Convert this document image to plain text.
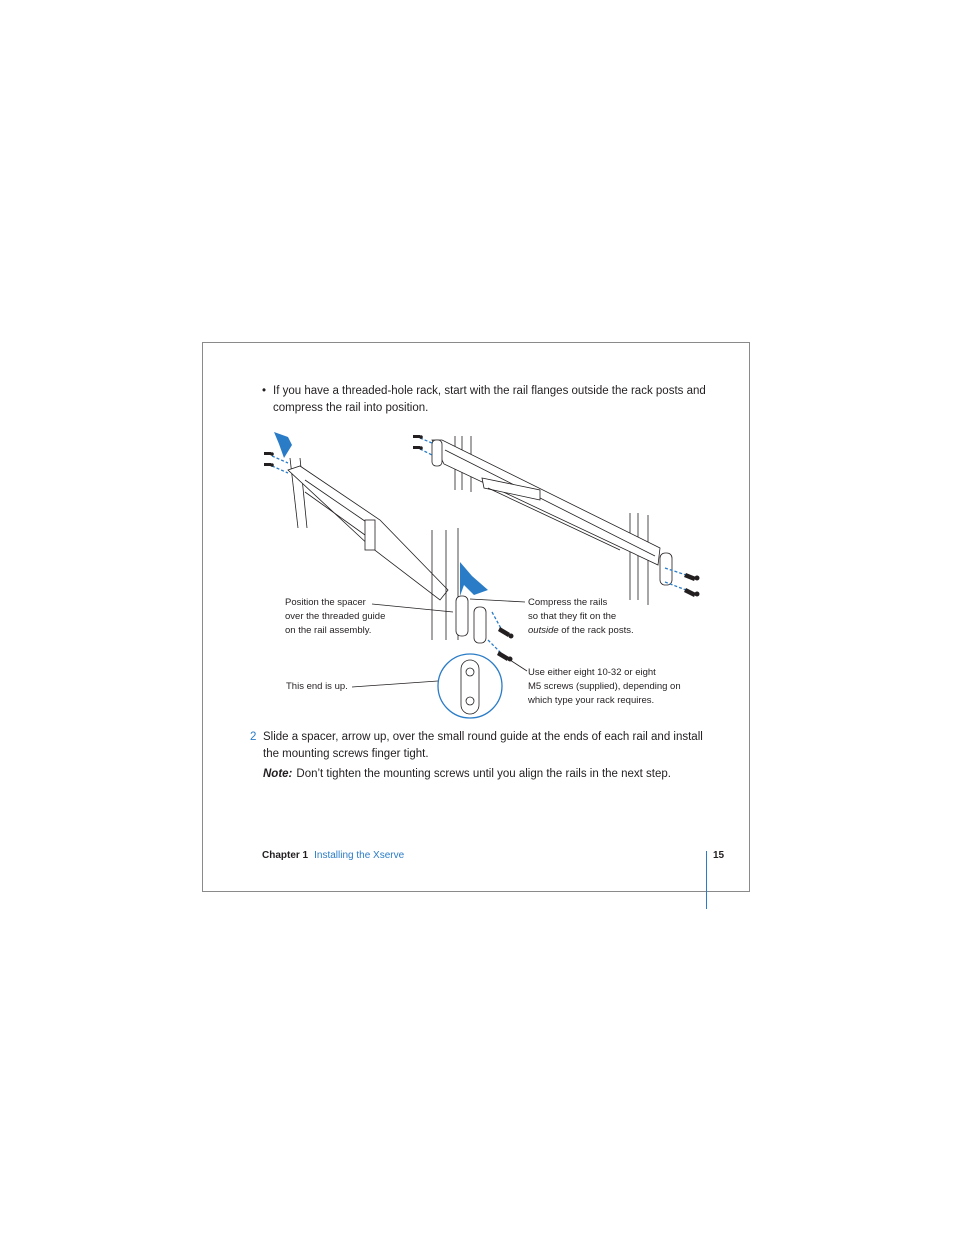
• If you have a threaded-hole rack, start with the rail flanges outside the rack posts and
compress the rail into position.
Position the spacer
over the threaded guide
on the rail assembly.
Compress the rails
so that they fit on the
outside of the rack posts.
This end is up.
Use either eight 10-32 or eight
M5 screws (supplied), depending on
which type your rack requires.
2 Slide a spacer, arrow up, over the small round guide at the ends of each rail and install
the mounting screws finger tight.
Note: Don’t tighten the mounting screws until you align the rails in the next step.
Chapter 1 Installing the Xserve	15
